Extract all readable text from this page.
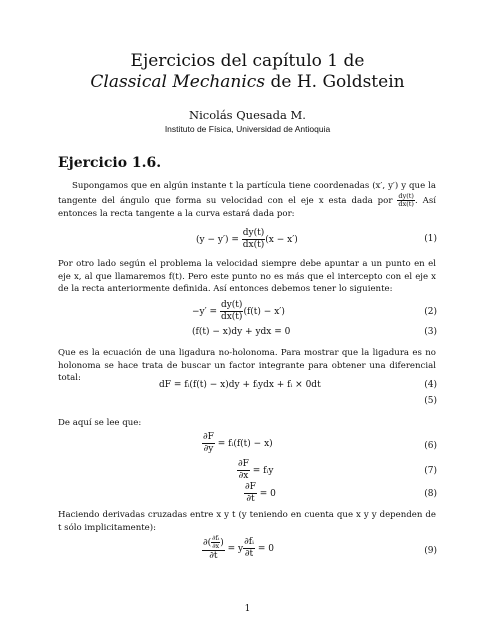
Ejercicios del capítulo 1 de
Classical Mechanics de H. Goldstein
Nicolás Quesada M.
Instituto de Física, Universidad de Antioquia
Ejercicio 1.6.
Supongamos que en algún instante t la partícula tiene coordenadas (x′, y′) y que la tangente del ángulo que forma su velocidad con el eje x esta dada por $\frac{dy(t)}{dx(t)}$ . Así entonces la recta tangente a la curva estará dada por:
$(y - y') = \frac{dy(t)}{dx(t)} (x - x')$	(1)
Por otro lado según el problema la velocidad siempre debe apuntar a un punto en el eje x, al que llamaremos f(t). Pero este punto no es más que el intercepto con el eje x de la recta anteriormente definida. Así entonces debemos tener lo siguiente:
$-y' = \frac{dy(t)}{dx(t)} (f(t) - x')$	(2)
(f(t) − x)dy + ydx = 0	(3)
Que es la ecuación de una ligadura no-holonoma. Para mostrar que la ligadura es no holonoma se hace trata de buscar un factor integrante para obtener una diferencial total:
dF = fᵢ(f(t) − x)dy + fᵢydx + fᵢ × 0dt	(4)
(5)
De aquí se lee que:
$\frac{\partial F}{\partial y}$ = fᵢ(f(t) − x)	(6)
$\frac{\partial F}{\partial x}$ = fᵢy	(7)
$\frac{\partial F}{\partial t} = 0$	(8)
Haciendo derivadas cruzadas entre x y t (y teniendo en cuenta que x y y dependen de t sólo implicitamente):
$\frac{\partial( \frac{\text{∂fᵢ}}{\partial x} )}{\partial t} = y \frac{\text{∂fᵢ}}{\partial t} = 0$	(9)
1
